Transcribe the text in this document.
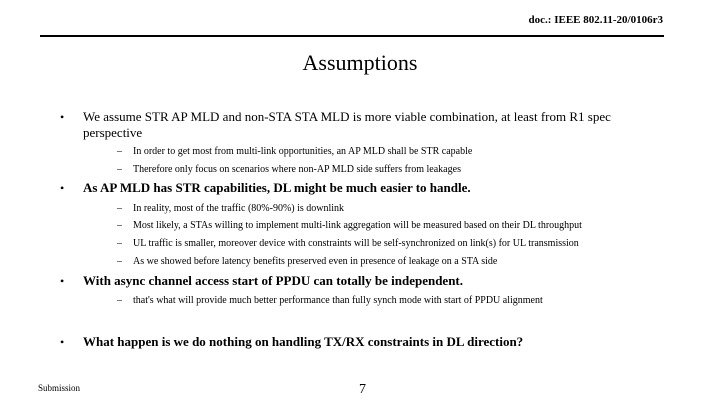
doc.: IEEE 802.11-20/0106r3
Assumptions
• We assume STR AP MLD and non-STA STA MLD is more viable combination, at least from R1 spec perspective
– In order to get most from multi-link opportunities, an AP MLD shall be STR capable
– Therefore only focus on scenarios where non-AP MLD side suffers from leakages
• As AP MLD has STR capabilities, DL might be much easier to handle.
– In reality, most of the traffic (80%-90%) is downlink
– Most likely, a STAs willing to implement multi-link aggregation will be measured based on their DL throughput
– UL traffic is smaller, moreover device with constraints will be self-synchronized on link(s) for UL transmission
– As we showed before latency benefits preserved even in presence of leakage on a STA side
• With async channel access start of PPDU can totally be independent.
– that's what will provide much better performance than fully synch mode with start of PPDU alignment
• What happen is we do nothing on handling TX/RX constraints in DL direction?
Submission	7
